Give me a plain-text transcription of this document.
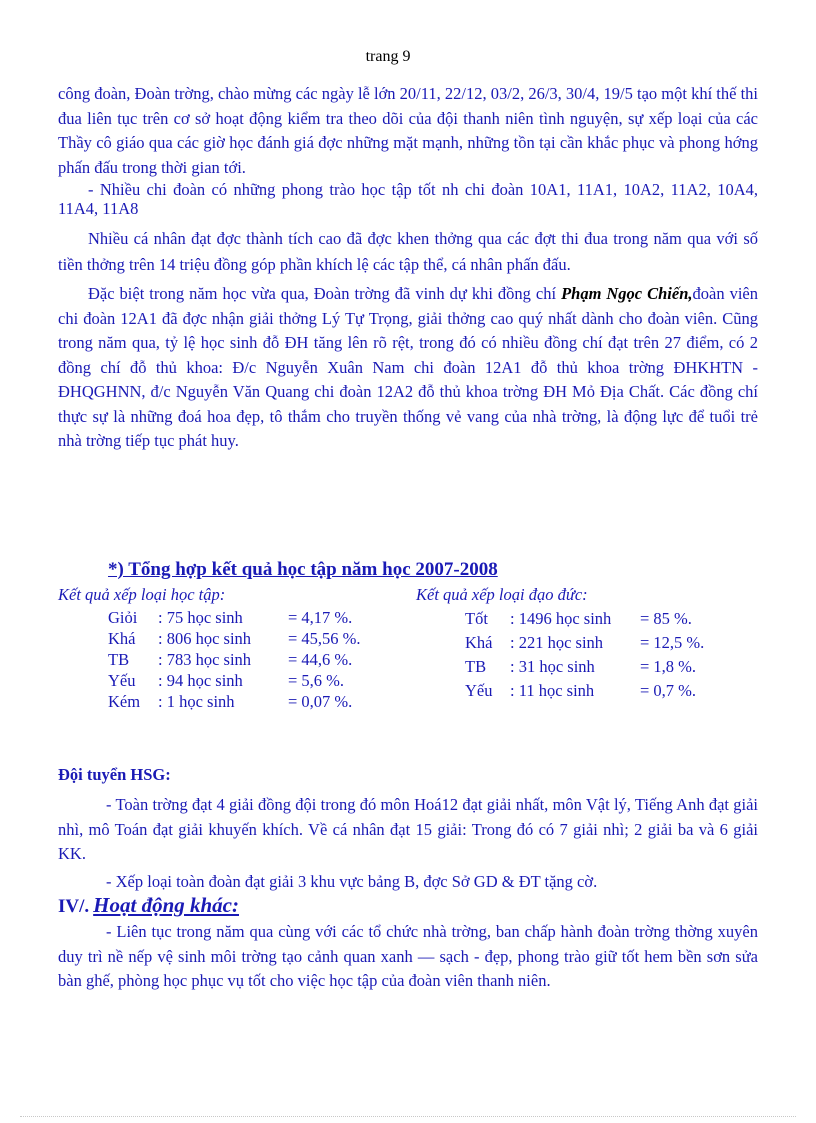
trang 9

công đoàn, Đoàn trờng, chào mừng các ngày lễ lớn 20/11, 22/12, 03/2, 26/3, 30/4, 19/5 tạo một khí thế thi đua liên tục trên cơ sở hoạt động kiểm tra theo dõi của đội thanh niên tình nguyện, sự xếp loại của các Thầy cô giáo qua các giờ học đánh giá đợc những mặt mạnh, những tồn tại cần khắc phục và phong hớng phấn đấu trong thời gian tới.

- Nhiều chi đoàn có những phong trào học tập tốt nh chi đoàn 10A1, 11A1, 10A2, 11A2, 10A4, 11A4, 11A8

Nhiều cá nhân đạt đợc thành tích cao đã đợc khen thởng qua các đợt thi đua trong năm qua với số tiền thởng trên 14 triệu đồng góp phần khích lệ các tập thể, cá nhân phấn đấu.

Đặc biệt trong năm học vừa qua, Đoàn trờng đã vinh dự khi đồng chí Phạm Ngọc Chiến,đoàn viên chi đoàn 12A1 đã đợc nhận giải thởng Lý Tự Trọng, giải thởng cao quý nhất dành cho đoàn viên. Cũng trong năm qua, tỷ lệ học sinh đỗ ĐH tăng lên rõ rệt, trong đó có nhiều đồng chí đạt trên 27 điểm, có 2 đồng chí đỗ thủ khoa: Đ/c Nguyễn Xuân Nam chi đoàn 12A1 đỗ thủ khoa trờng ĐHKHTN - ĐHQGHNN, đ/c Nguyễn Văn Quang chi đoàn 12A2 đỗ thủ khoa trờng ĐH Mỏ Địa Chất. Các đồng chí thực sự là những đoá hoa đẹp, tô thắm cho truyền thống vẻ vang của nhà trờng, là động lực để tuổi trẻ nhà trờng tiếp tục phát huy.

*) Tổng hợp kết quả học tập năm học 2007-2008
Kết quả xếp loại học tập:
Giỏi	: 75 học sinh	= 4,17 %.
Khá	: 806 học sinh	= 45,56 %.
TB	: 783 học sinh	= 44,6 %.
Yếu	: 94 học sinh	= 5,6 %.
Kém	: 1 học sinh	= 0,07 %.
Kết quả xếp loại đạo đức:
Tốt	: 1496 học sinh	= 85 %.
Khá	: 221 học sinh	= 12,5 %.
TB	: 31 học sinh	= 1,8 %.
Yếu	: 11 học sinh	= 0,7 %.
Đội tuyển HSG:

- Toàn trờng đạt 4 giải đồng đội trong đó môn Hoá12 đạt giải nhất, môn Vật lý, Tiếng Anh đạt giải nhì, mô Toán đạt giải khuyến khích. Về cá nhân đạt 15 giải: Trong đó có 7 giải nhì; 2 giải ba và 6 giải KK.

- Xếp loại toàn đoàn đạt giải 3 khu vực bảng B, đợc Sở GD & ĐT tặng cờ.

IV/. Hoạt động khác:

- Liên tục trong năm qua cùng với các tổ chức nhà trờng, ban chấp hành đoàn trờng thờng xuyên duy trì nề nếp vệ sinh môi trờng tạo cảnh quan xanh — sạch - đẹp, phong trào giữ tốt hem bền sơn sửa bàn ghế, phòng học phục vụ tốt cho việc học tập của đoàn viên thanh niên.
